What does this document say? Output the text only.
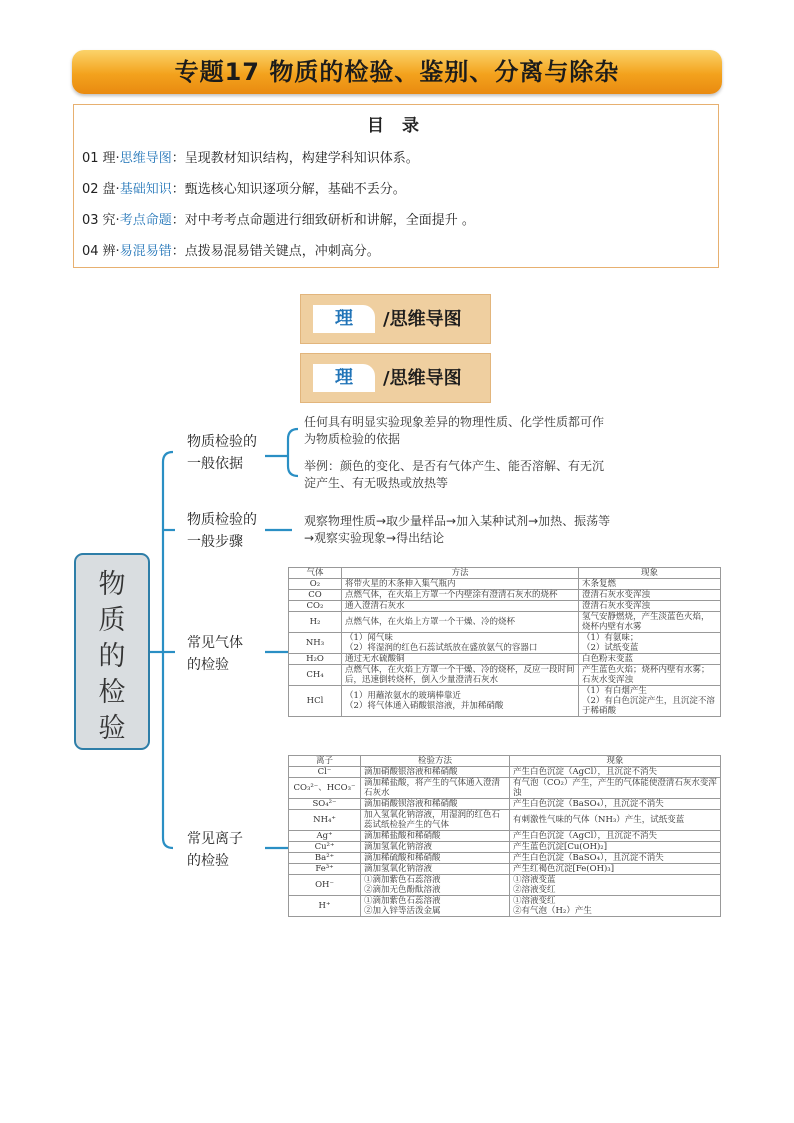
专题17 物质的检验、鉴别、分离与除杂
目 录
01 理·思维导图：呈现教材知识结构，构建学科知识体系。
02 盘·基础知识：甄选核心知识逐项分解，基础不丢分。
03 究·考点命题：对中考考点命题进行细致研析和讲解，全面提升 。
04 辨·易混易错：点拨易混易错关键点，冲刺高分。
理	/思维导图
理	/思维导图
物
质
的
检
验
物质检验的
一般依据
任何具有明显实验现象差异的物理性质、化学性质都可作为物质检验的依据
举例：颜色的变化、是否有气体产生、能否溶解、有无沉淀产生、有无吸热或放热等
物质检验的
一般步骤
观察物理性质→取少量样品→加入某种试剂→加热、振荡等→观察实验现象→得出结论
常见气体
的检验
常见离子
的检验
气体	方法	现象
O₂	将带火星的木条伸入集气瓶内	木条复燃
CO	点燃气体，在火焰上方罩一个内壁涂有澄清石灰水的烧杯	澄清石灰水变浑浊
CO₂	通入澄清石灰水	澄清石灰水变浑浊
H₂	点燃气体，在火焰上方罩一个干燥、冷的烧杯	氢气安静燃烧，产生淡蓝色火焰，烧杯内壁有水雾
NH₃	（1）闻气味
（2）将湿润的红色石蕊试纸放在盛放氨气的容器口	（1）有氨味；
（2）试纸变蓝
H₂O	通过无水硫酸铜	白色粉末变蓝
CH₄	点燃气体，在火焰上方罩一个干燥、冷的烧杯，反应一段时间后，迅速倒转烧杯，倒入少量澄清石灰水	产生蓝色火焰；烧杯内壁有水雾；石灰水变浑浊
HCl	（1）用蘸浓氨水的玻璃棒靠近
（2）将气体通入硝酸银溶液，并加稀硝酸	（1）有白烟产生
（2）有白色沉淀产生，且沉淀不溶于稀硝酸
离子	检验方法	现象
Cl⁻	滴加硝酸银溶液和稀硝酸	产生白色沉淀（AgCl），且沉淀不消失
CO₃²⁻、HCO₃⁻	滴加稀盐酸，将产生的气体通入澄清石灰水	有气泡（CO₂）产生，产生的气体能使澄清石灰水变浑浊
SO₄²⁻	滴加硝酸钡溶液和稀硝酸	产生白色沉淀（BaSO₄），且沉淀不消失
NH₄⁺	加入氢氧化钠溶液，用湿润的红色石蕊试纸检验产生的气体	有刺激性气味的气体（NH₃）产生，试纸变蓝
Ag⁺	滴加稀盐酸和稀硝酸	产生白色沉淀（AgCl），且沉淀不消失
Cu²⁺	滴加氢氧化钠溶液	产生蓝色沉淀[Cu(OH)₂]
Ba²⁺	滴加稀硫酸和稀硝酸	产生白色沉淀（BaSO₄），且沉淀不消失
Fe³⁺	滴加氢氧化钠溶液	产生红褐色沉淀[Fe(OH)₃]
OH⁻	①滴加紫色石蕊溶液
②滴加无色酚酞溶液	①溶液变蓝
②溶液变红
H⁺	①滴加紫色石蕊溶液
②加入锌等活泼金属	①溶液变红
②有气泡（H₂）产生
